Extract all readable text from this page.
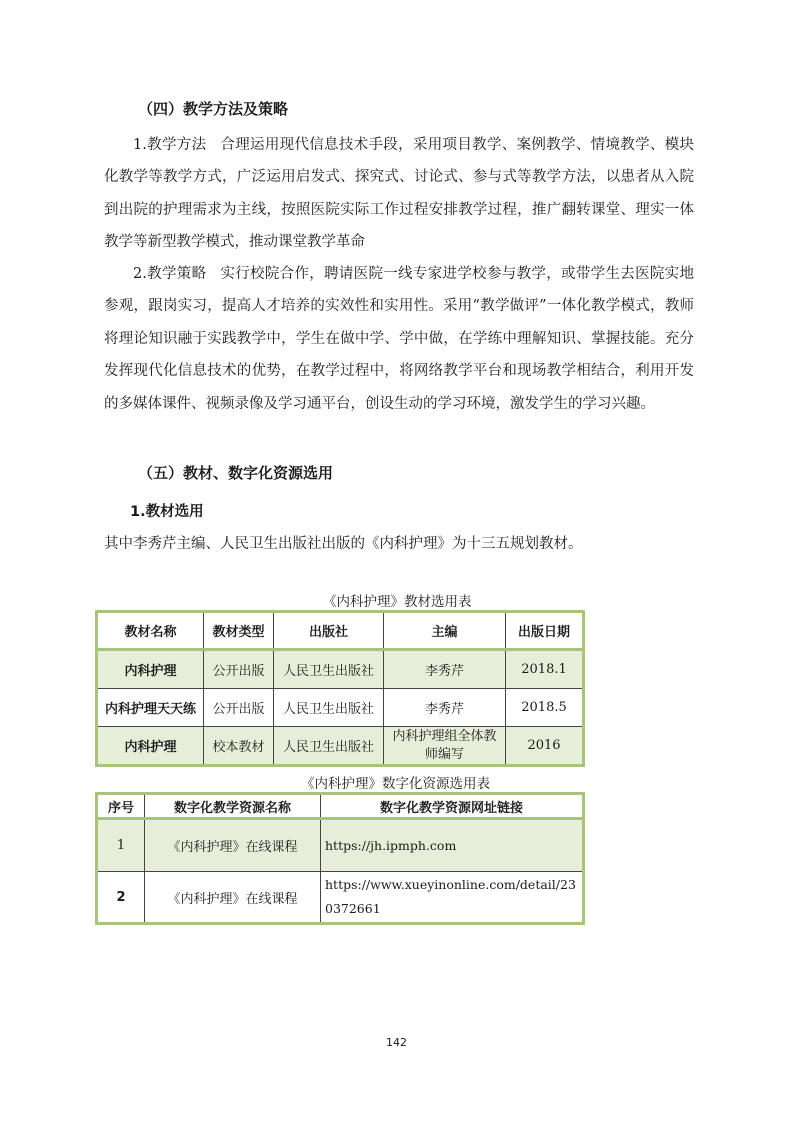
（四）教学方法及策略

1.教学方法 合理运用现代信息技术手段，采用项目教学、案例教学、情境教学、模块化教学等教学方式，广泛运用启发式、探究式、讨论式、参与式等教学方法，以患者从入院到出院的护理需求为主线，按照医院实际工作过程安排教学过程，推广翻转课堂、理实一体教学等新型教学模式，推动课堂教学革命

2.教学策略 实行校院合作，聘请医院一线专家进学校参与教学，或带学生去医院实地参观，跟岗实习，提高人才培养的实效性和实用性。采用“教学做评”一体化教学模式，教师将理论知识融于实践教学中，学生在做中学、学中做，在学练中理解知识、掌握技能。充分发挥现代化信息技术的优势，在教学过程中，将网络教学平台和现场教学相结合，利用开发的多媒体课件、视频录像及学习通平台，创设生动的学习环境，激发学生的学习兴趣。

（五）教材、数字化资源选用
1.教材选用
其中李秀芹主编、人民卫生出版社出版的《内科护理》为十三五规划教材。
《内科护理》教材选用表
教材名称	教材类型	出版社	主编	出版日期
内科护理	公开出版	人民卫生出版社	李秀芹	2018.1
内科护理天天练	公开出版	人民卫生出版社	李秀芹	2018.5
内科护理	校本教材	人民卫生出版社	内科护理组全体教师编写	2016
《内科护理》数字化资源选用表
序号	数字化教学资源名称	数字化教学资源网址链接
1	《内科护理》在线课程	https://jh.ipmph.com
2	《内科护理》在线课程	https://www.xueyinonline.com/detail/230372661
142
